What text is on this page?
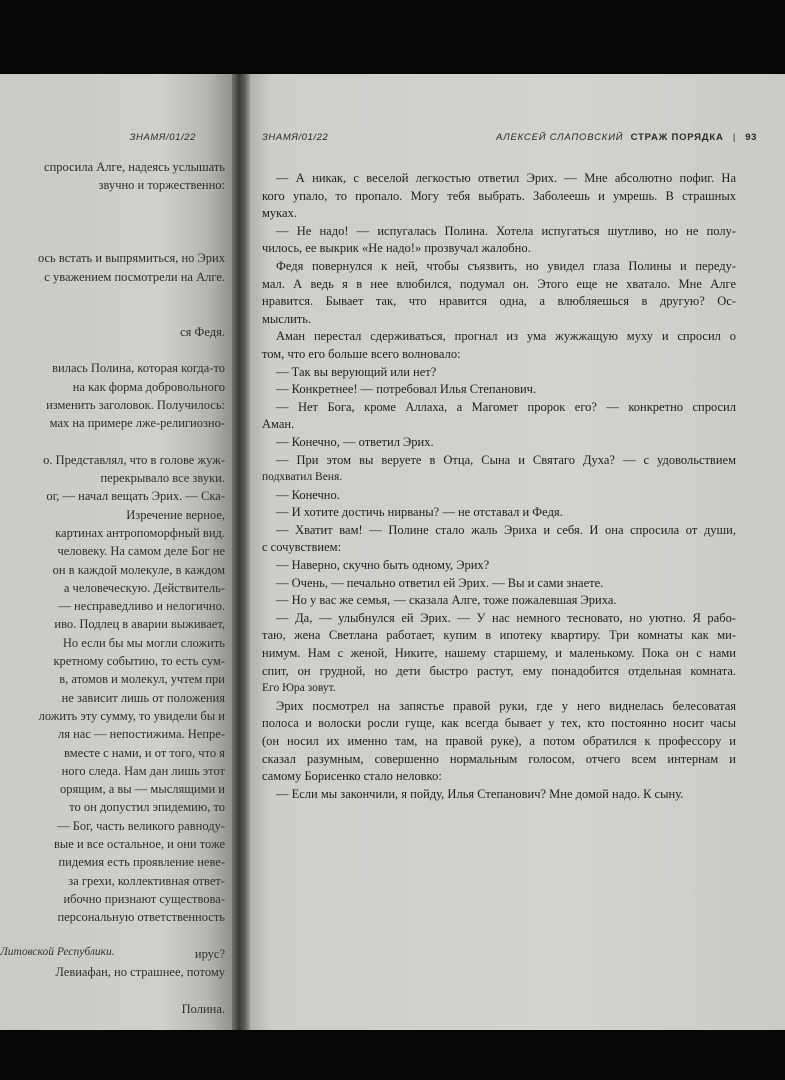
ЗНАМЯ/01/22
спросила Алге, надеясь услышать
звучно и торжественно:
ось встать и выпрямиться, но Эрих
с уважением посмотрели на Алге.
ся Федя.
вилась Полина, которая когда-то
на как форма добровольного
изменить заголовок. Получилось:
мах на примере лже-религиозно-
о. Представлял, что в голове жуж-
перекрывало все звуки.
ог, — начал вещать Эрих. — Ска-
Изречение верное,
картинах антропоморфный вид.
человеку. На самом деле Бог не
он в каждой молекуле, в каждом
а человеческую. Действитель-
— несправедливо и нелогично.
иво. Подлец в аварии выживает,
Но если бы мы могли сложить
кретному событию, то есть сум-
в, атомов и молекул, учтем при
не зависит лишь от положения
ложить эту сумму, то увидели бы и
ля нас — непостижима. Непре-
вместе с нами, и от того, что я
ного следа. Нам дан лишь этот
орящим, а вы — мыслящими и
то он допустил эпидемию, то
— Бог, часть великого равноду-
вые и все остальное, и они тоже
пидемия есть проявление неве-
за грехи, коллективная ответ-
ибочно признают существова-
персональную ответственность
ирус?
Левиафан, но страшнее, потому
Полина.
Литовской Республики.
ЗНАМЯ/01/22	АЛЕКСЕЙ СЛАПОВСКИЙ СТРАЖ ПОРЯДКА | 93
— А никак, с веселой легкостью ответил Эрих. — Мне абсолютно пофиг. На
кого упало, то пропало. Могу тебя выбрать. Заболеешь и умрешь. В страшных
муках.
— Не надо! — испугалась Полина. Хотела испугаться шутливо, но не полу-
чилось, ее выкрик «Не надо!» прозвучал жалобно.
Федя повернулся к ней, чтобы съязвить, но увидел глаза Полины и переду-
мал. А ведь я в нее влюбился, подумал он. Этого еще не хватало. Мне Алге
нравится. Бывает так, что нравится одна, а влюбляешься в другую? Ос-
мыслить.
Аман перестал сдерживаться, прогнал из ума жужжащую муху и спросил о
том, что его больше всего волновало:
— Так вы верующий или нет?
— Конкретнее! — потребовал Илья Степанович.
— Нет Бога, кроме Аллаха, а Магомет пророк его? — конкретно спросил
Аман.
— Конечно, — ответил Эрих.
— При этом вы веруете в Отца, Сына и Святаго Духа? — с удовольствием
подхватил Веня.
— Конечно.
— И хотите достичь нирваны? — не отставал и Федя.
— Хватит вам! — Полине стало жаль Эриха и себя. И она спросила от души,
с сочувствием:
— Наверно, скучно быть одному, Эрих?
— Очень, — печально ответил ей Эрих. — Вы и сами знаете.
— Но у вас же семья, — сказала Алге, тоже пожалевшая Эриха.
— Да, — улыбнулся ей Эрих. — У нас немного тесновато, но уютно. Я рабо-
таю, жена Светлана работает, купим в ипотеку квартиру. Три комнаты как ми-
нимум. Нам с женой, Никите, нашему старшему, и маленькому. Пока он с нами
спит, он грудной, но дети быстро растут, ему понадобится отдельная комната.
Его Юра зовут.
Эрих посмотрел на запястье правой руки, где у него виднелась белесоватая
полоса и волоски росли гуще, как всегда бывает у тех, кто постоянно носит часы
(он носил их именно там, на правой руке), а потом обратился к профессору и
сказал разумным, совершенно нормальным голосом, отчего всем интернам и
самому Борисенко стало неловко:
— Если мы закончили, я пойду, Илья Степанович? Мне домой надо. К сыну.
